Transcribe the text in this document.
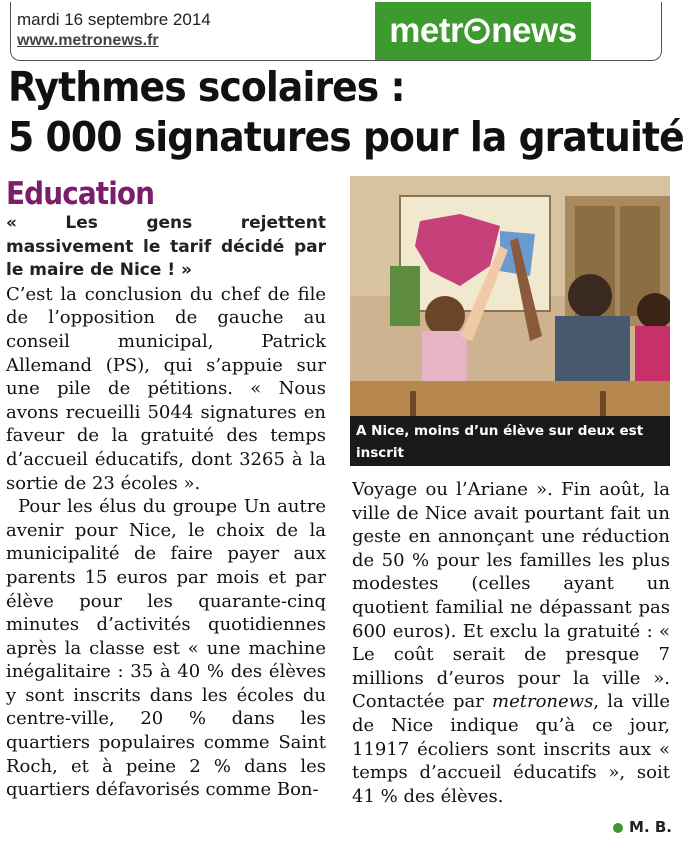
mardi 16 septembre 2014
www.metronews.fr	metr news
Rythmes scolaires :
5 000 signatures pour la gratuité
Education

« Les gens rejettent massivement le tarif décidé par le maire de Nice ! »

C’est la conclusion du chef de file de l’opposition de gauche au conseil municipal, Patrick Allemand (PS), qui s’appuie sur une pile de pétitions. « Nous avons recueilli 5044 signatures en faveur de la gratuité des temps d’accueil éducatifs, dont 3265 à la sortie de 23 écoles ».

Pour les élus du groupe Un autre avenir pour Nice, le choix de la municipalité de faire payer aux parents 15 euros par mois et par élève pour les quarante-cinq minutes d’activités quotidiennes après la classe est « une machine inégalitaire : 35 à 40 % des élèves y sont inscrits dans les écoles du centre-ville, 20 % dans les quartiers populaires comme Saint Roch, et à peine 2 % dans les quartiers défavorisés comme Bon-

A Nice, moins d’un élève sur deux est inscrit

Voyage ou l’Ariane ». Fin août, la ville de Nice avait pourtant fait un geste en annonçant une réduction de 50 % pour les familles les plus modestes (celles ayant un quotient familial ne dépassant pas 600 euros). Et exclu la gratuité : « Le coût serait de presque 7 millions d’euros pour la ville ». Contactée par metronews, la ville de Nice indique qu’à ce jour, 11917 écoliers sont inscrits aux « temps d’accueil éducatifs », soit 41 % des élèves.

M. B.
